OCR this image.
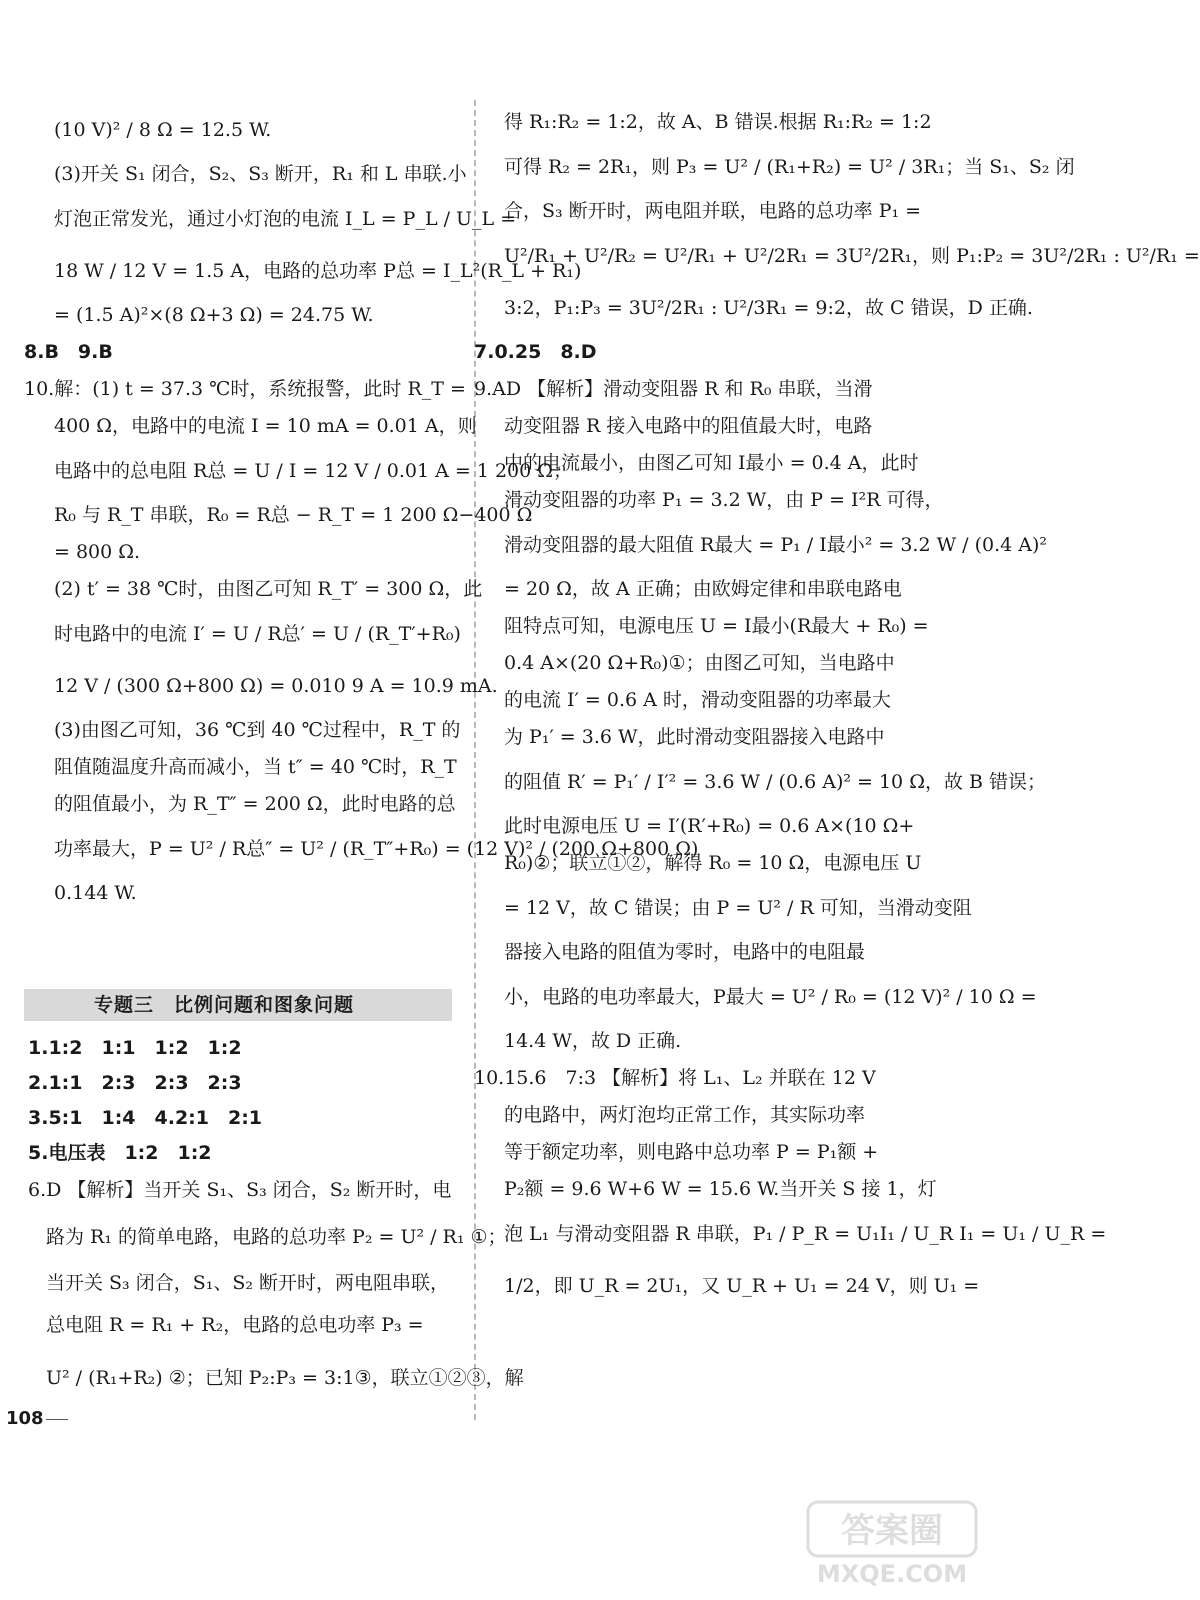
(10 V)² / 8 Ω = 12.5 W.
(3)开关 S₁ 闭合，S₂、S₃ 断开，R₁ 和 L 串联.小
灯泡正常发光，通过小灯泡的电流 I_L = P_L / U_L =
18 W / 12 V = 1.5 A，电路的总功率 P总 = I_L²(R_L + R₁)
= (1.5 A)²×(8 Ω+3 Ω) = 24.75 W.
8.B　9.B
10.解：(1) t = 37.3 ℃时，系统报警，此时 R_T =
400 Ω，电路中的电流 I = 10 mA = 0.01 A，则
电路中的总电阻 R总 = U / I = 12 V / 0.01 A = 1 200 Ω；
R₀ 与 R_T 串联，R₀ = R总 − R_T = 1 200 Ω−400 Ω
= 800 Ω.
(2) t′ = 38 ℃时，由图乙可知 R_T′ = 300 Ω，此
时电路中的电流 I′ = U / R总′ = U / (R_T′+R₀)
12 V / (300 Ω+800 Ω) = 0.010 9 A = 10.9 mA.
(3)由图乙可知，36 ℃到 40 ℃过程中，R_T 的
阻值随温度升高而减小，当 t″ = 40 ℃时，R_T
的阻值最小，为 R_T″ = 200 Ω，此时电路的总
功率最大，P = U² / R总″ = U² / (R_T″+R₀) = (12 V)² / (200 Ω+800 Ω)
0.144 W.
专题三　比例问题和图象问题
1.1:2　1:1　1:2　1:2
2.1:1　2:3　2:3　2:3
3.5:1　1:4　4.2:1　2:1
5.电压表　1:2　1:2
6.D 【解析】当开关 S₁、S₃ 闭合，S₂ 断开时，电
路为 R₁ 的简单电路，电路的总功率 P₂ = U² / R₁ ①；
当开关 S₃ 闭合，S₁、S₂ 断开时，两电阻串联，
总电阻 R = R₁ + R₂，电路的总电功率 P₃ =
U² / (R₁+R₂) ②；已知 P₂:P₃ = 3:1③，联立①②③，解
得 R₁:R₂ = 1:2，故 A、B 错误.根据 R₁:R₂ = 1:2
可得 R₂ = 2R₁，则 P₃ = U² / (R₁+R₂) = U² / 3R₁；当 S₁、S₂ 闭
合，S₃ 断开时，两电阻并联，电路的总功率 P₁ =
U²/R₁ + U²/R₂ = U²/R₁ + U²/2R₁ = 3U²/2R₁，则 P₁:P₂ = 3U²/2R₁ : U²/R₁ =
3:2，P₁:P₃ = 3U²/2R₁ : U²/3R₁ = 9:2，故 C 错误，D 正确.
7.0.25　8.D
9.AD 【解析】滑动变阻器 R 和 R₀ 串联，当滑
动变阻器 R 接入电路中的阻值最大时，电路
中的电流最小，由图乙可知 I最小 = 0.4 A，此时
滑动变阻器的功率 P₁ = 3.2 W，由 P = I²R 可得，
滑动变阻器的最大阻值 R最大 = P₁ / I最小² = 3.2 W / (0.4 A)²
= 20 Ω，故 A 正确；由欧姆定律和串联电路电
阻特点可知，电源电压 U = I最小(R最大 + R₀) =
0.4 A×(20 Ω+R₀)①；由图乙可知，当电路中
的电流 I′ = 0.6 A 时，滑动变阻器的功率最大
为 P₁′ = 3.6 W，此时滑动变阻器接入电路中
的阻值 R′ = P₁′ / I′² = 3.6 W / (0.6 A)² = 10 Ω，故 B 错误；
此时电源电压 U = I′(R′+R₀) = 0.6 A×(10 Ω+
R₀)②；联立①②，解得 R₀ = 10 Ω，电源电压 U
= 12 V，故 C 错误；由 P = U² / R 可知，当滑动变阻
器接入电路的阻值为零时，电路中的电阻最
小，电路的电功率最大，P最大 = U² / R₀ = (12 V)² / 10 Ω =
14.4 W，故 D 正确.
10.15.6　7:3 【解析】将 L₁、L₂ 并联在 12 V
的电路中，两灯泡均正常工作，其实际功率
等于额定功率，则电路中总功率 P = P₁额 +
P₂额 = 9.6 W+6 W = 15.6 W.当开关 S 接 1，灯
泡 L₁ 与滑动变阻器 R 串联，P₁ / P_R = U₁I₁ / U_R I₁ = U₁ / U_R =
1/2，即 U_R = 2U₁，又 U_R + U₁ = 24 V，则 U₁ =
108
答案圈
MXQE.COM
